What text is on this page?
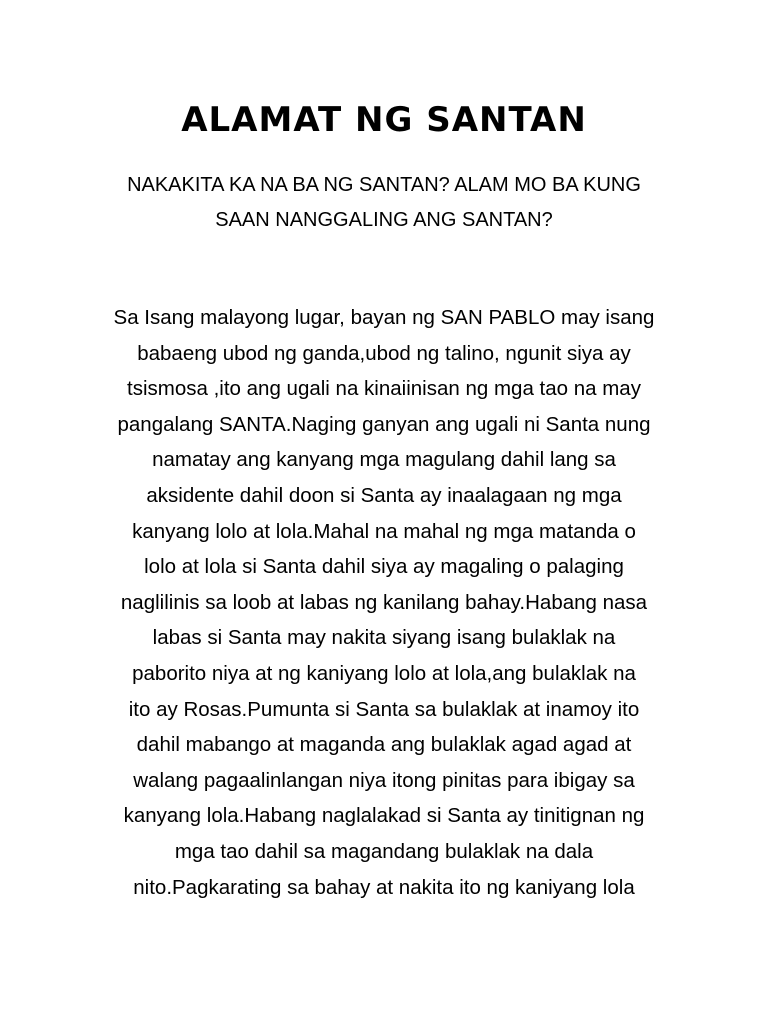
ALAMAT NG SANTAN
NAKAKITA KA NA BA NG SANTAN? ALAM MO BA KUNG
SAAN NANGGALING ANG SANTAN?
Sa Isang malayong lugar, bayan ng SAN PABLO may isang
babaeng ubod ng ganda,ubod ng talino, ngunit siya ay
tsismosa ,ito ang ugali na kinaiinisan ng mga tao na may
pangalang SANTA.Naging ganyan ang ugali ni Santa nung
namatay ang kanyang mga magulang dahil lang sa
aksidente dahil doon si Santa ay inaalagaan ng mga
kanyang lolo at lola.Mahal na mahal ng mga matanda o
lolo at lola si Santa dahil siya ay magaling o palaging
naglilinis sa loob at labas ng kanilang bahay.Habang nasa
labas si Santa may nakita siyang isang bulaklak na
paborito niya at ng kaniyang lolo at lola,ang bulaklak na
ito ay Rosas.Pumunta si Santa sa bulaklak at inamoy ito
dahil mabango at maganda ang bulaklak agad agad at
walang pagaalinlangan niya itong pinitas para ibigay sa
kanyang lola.Habang naglalakad si Santa ay tinitignan ng
mga tao dahil sa magandang bulaklak na dala
nito.Pagkarating sa bahay at nakita ito ng kaniyang lola
